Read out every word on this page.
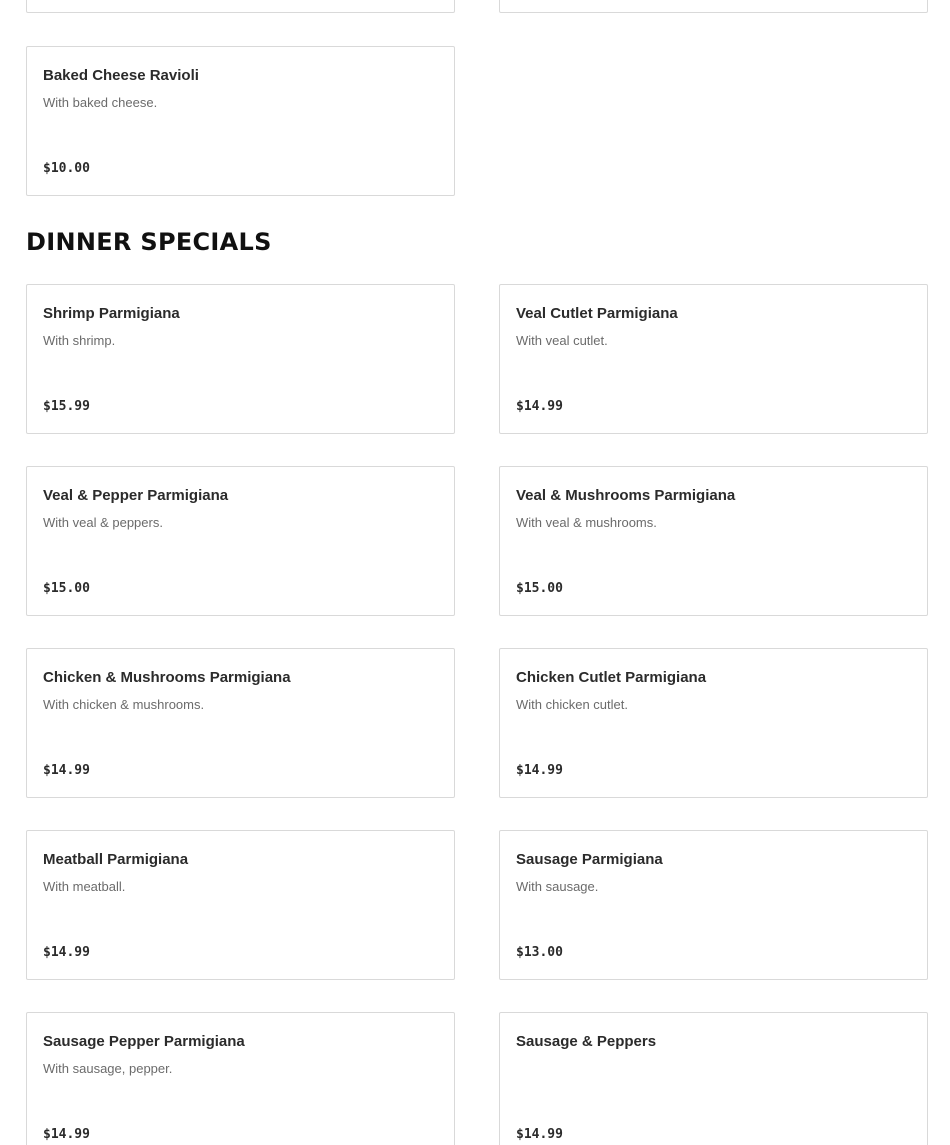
Baked Cheese Ravioli
With baked cheese.
$10.00
DINNER SPECIALS
Shrimp Parmigiana
With shrimp.
$15.99
Veal Cutlet Parmigiana
With veal cutlet.
$14.99
Veal & Pepper Parmigiana
With veal & peppers.
$15.00
Veal & Mushrooms Parmigiana
With veal & mushrooms.
$15.00
Chicken & Mushrooms Parmigiana
With chicken & mushrooms.
$14.99
Chicken Cutlet Parmigiana
With chicken cutlet.
$14.99
Meatball Parmigiana
With meatball.
$14.99
Sausage Parmigiana
With sausage.
$13.00
Sausage Pepper Parmigiana
With sausage, pepper.
$14.99
Sausage & Peppers
$14.99
